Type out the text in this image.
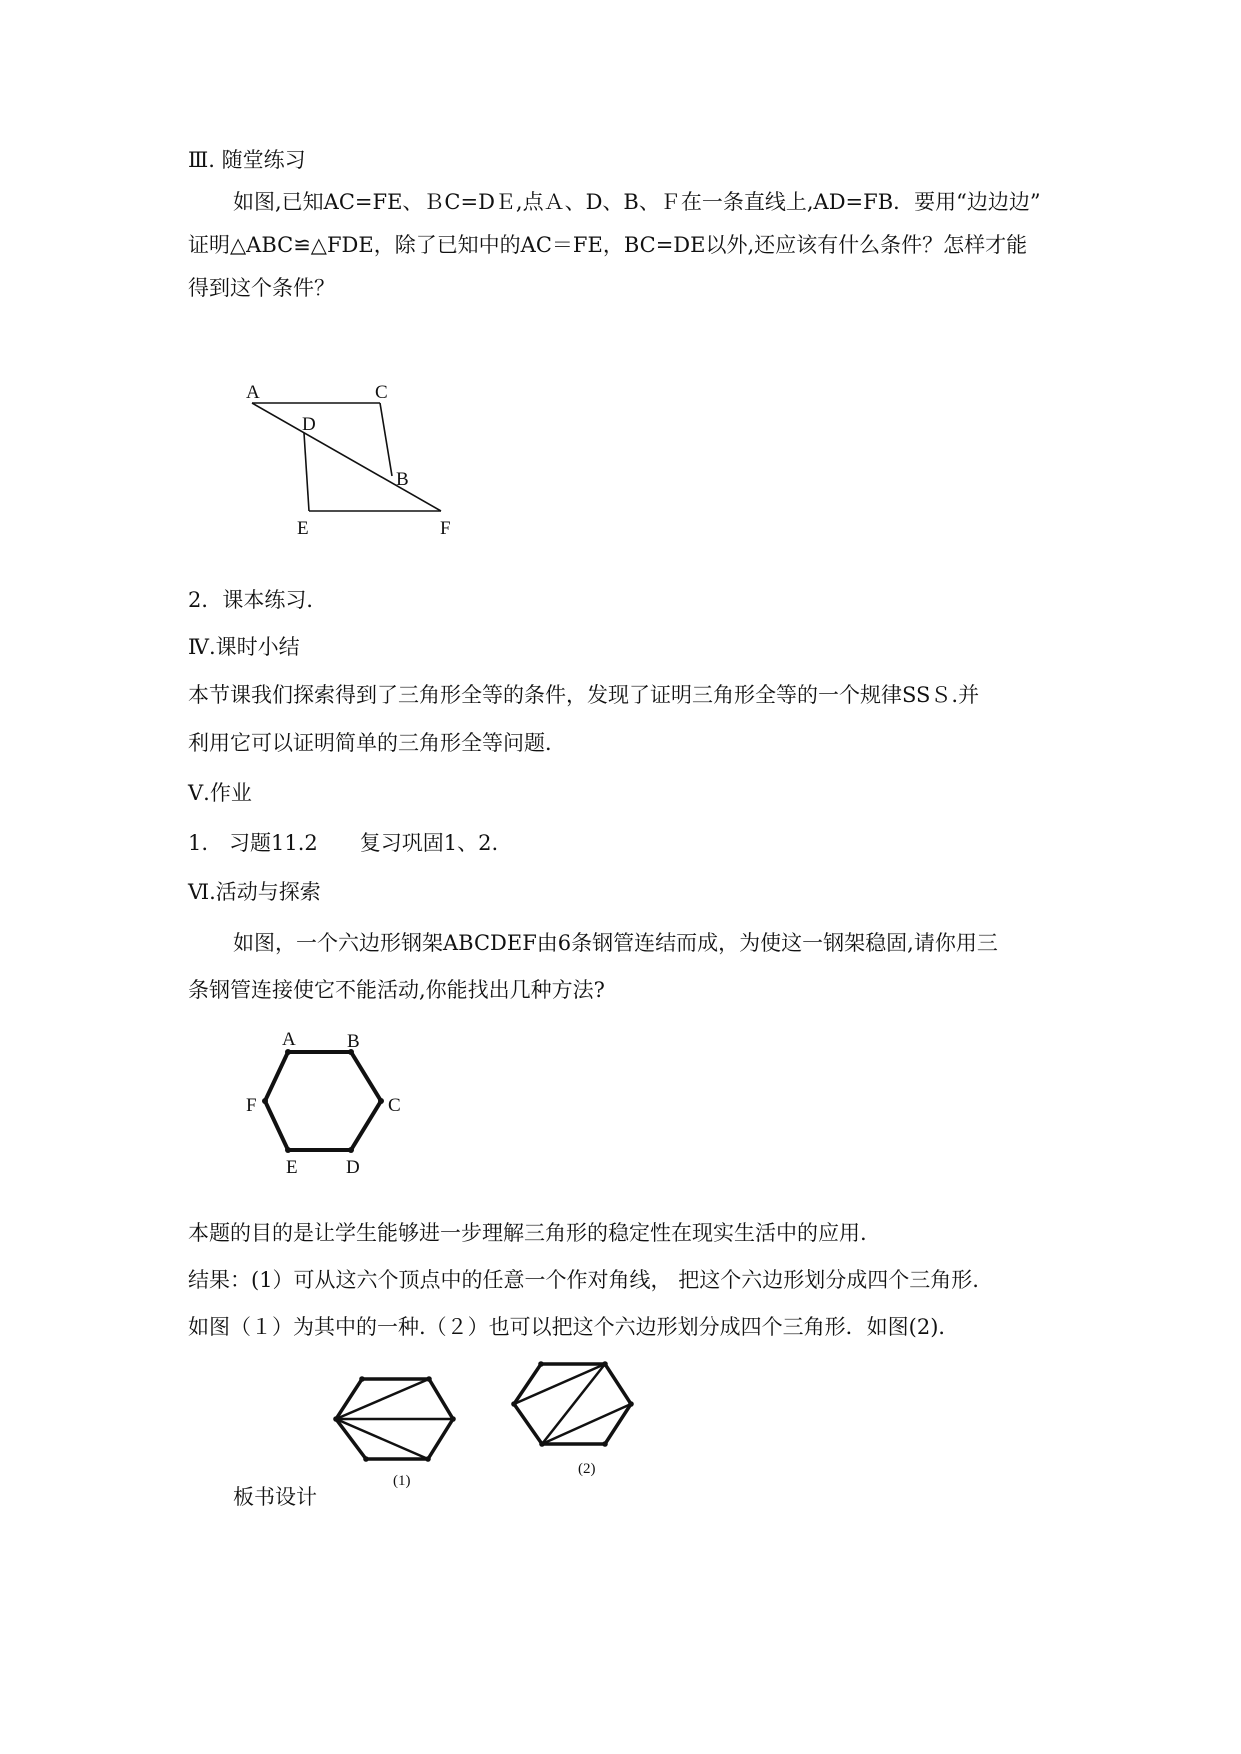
Ⅲ. 随堂练习
如图,已知AC=FE、ＢC=DＥ,点Ａ、D、B、Ｆ在一条直线上,AD=FB．要用“边边边”
证明△ABC≌△FDE，除了已知中的AC＝FE，BC=DE以外,还应该有什么条件？怎样才能
得到这个条件？
A	C
D
B
E	F
2．课本练习．
Ⅳ.课时小结
本节课我们探索得到了三角形全等的条件，发现了证明三角形全等的一个规律SSＳ.并
利用它可以证明简单的三角形全等问题．
Ⅴ.作业
1.　习题11.2　　复习巩固1、2.
Ⅵ.活动与探索
如图，一个六边形钢架ABCDEF由6条钢管连结而成，为使这一钢架稳固,请你用三
条钢管连接使它不能活动,你能找出几种方法?
A	B
C
D
E
F
本题的目的是让学生能够进一步理解三角形的稳定性在现实生活中的应用.
结果：(1）可从这六个顶点中的任意一个作对角线， 把这个六边形划分成四个三角形.
如图（１）为其中的一种.（２）也可以把这个六边形划分成四个三角形．如图(2)．
(1)
(2)
板书设计
